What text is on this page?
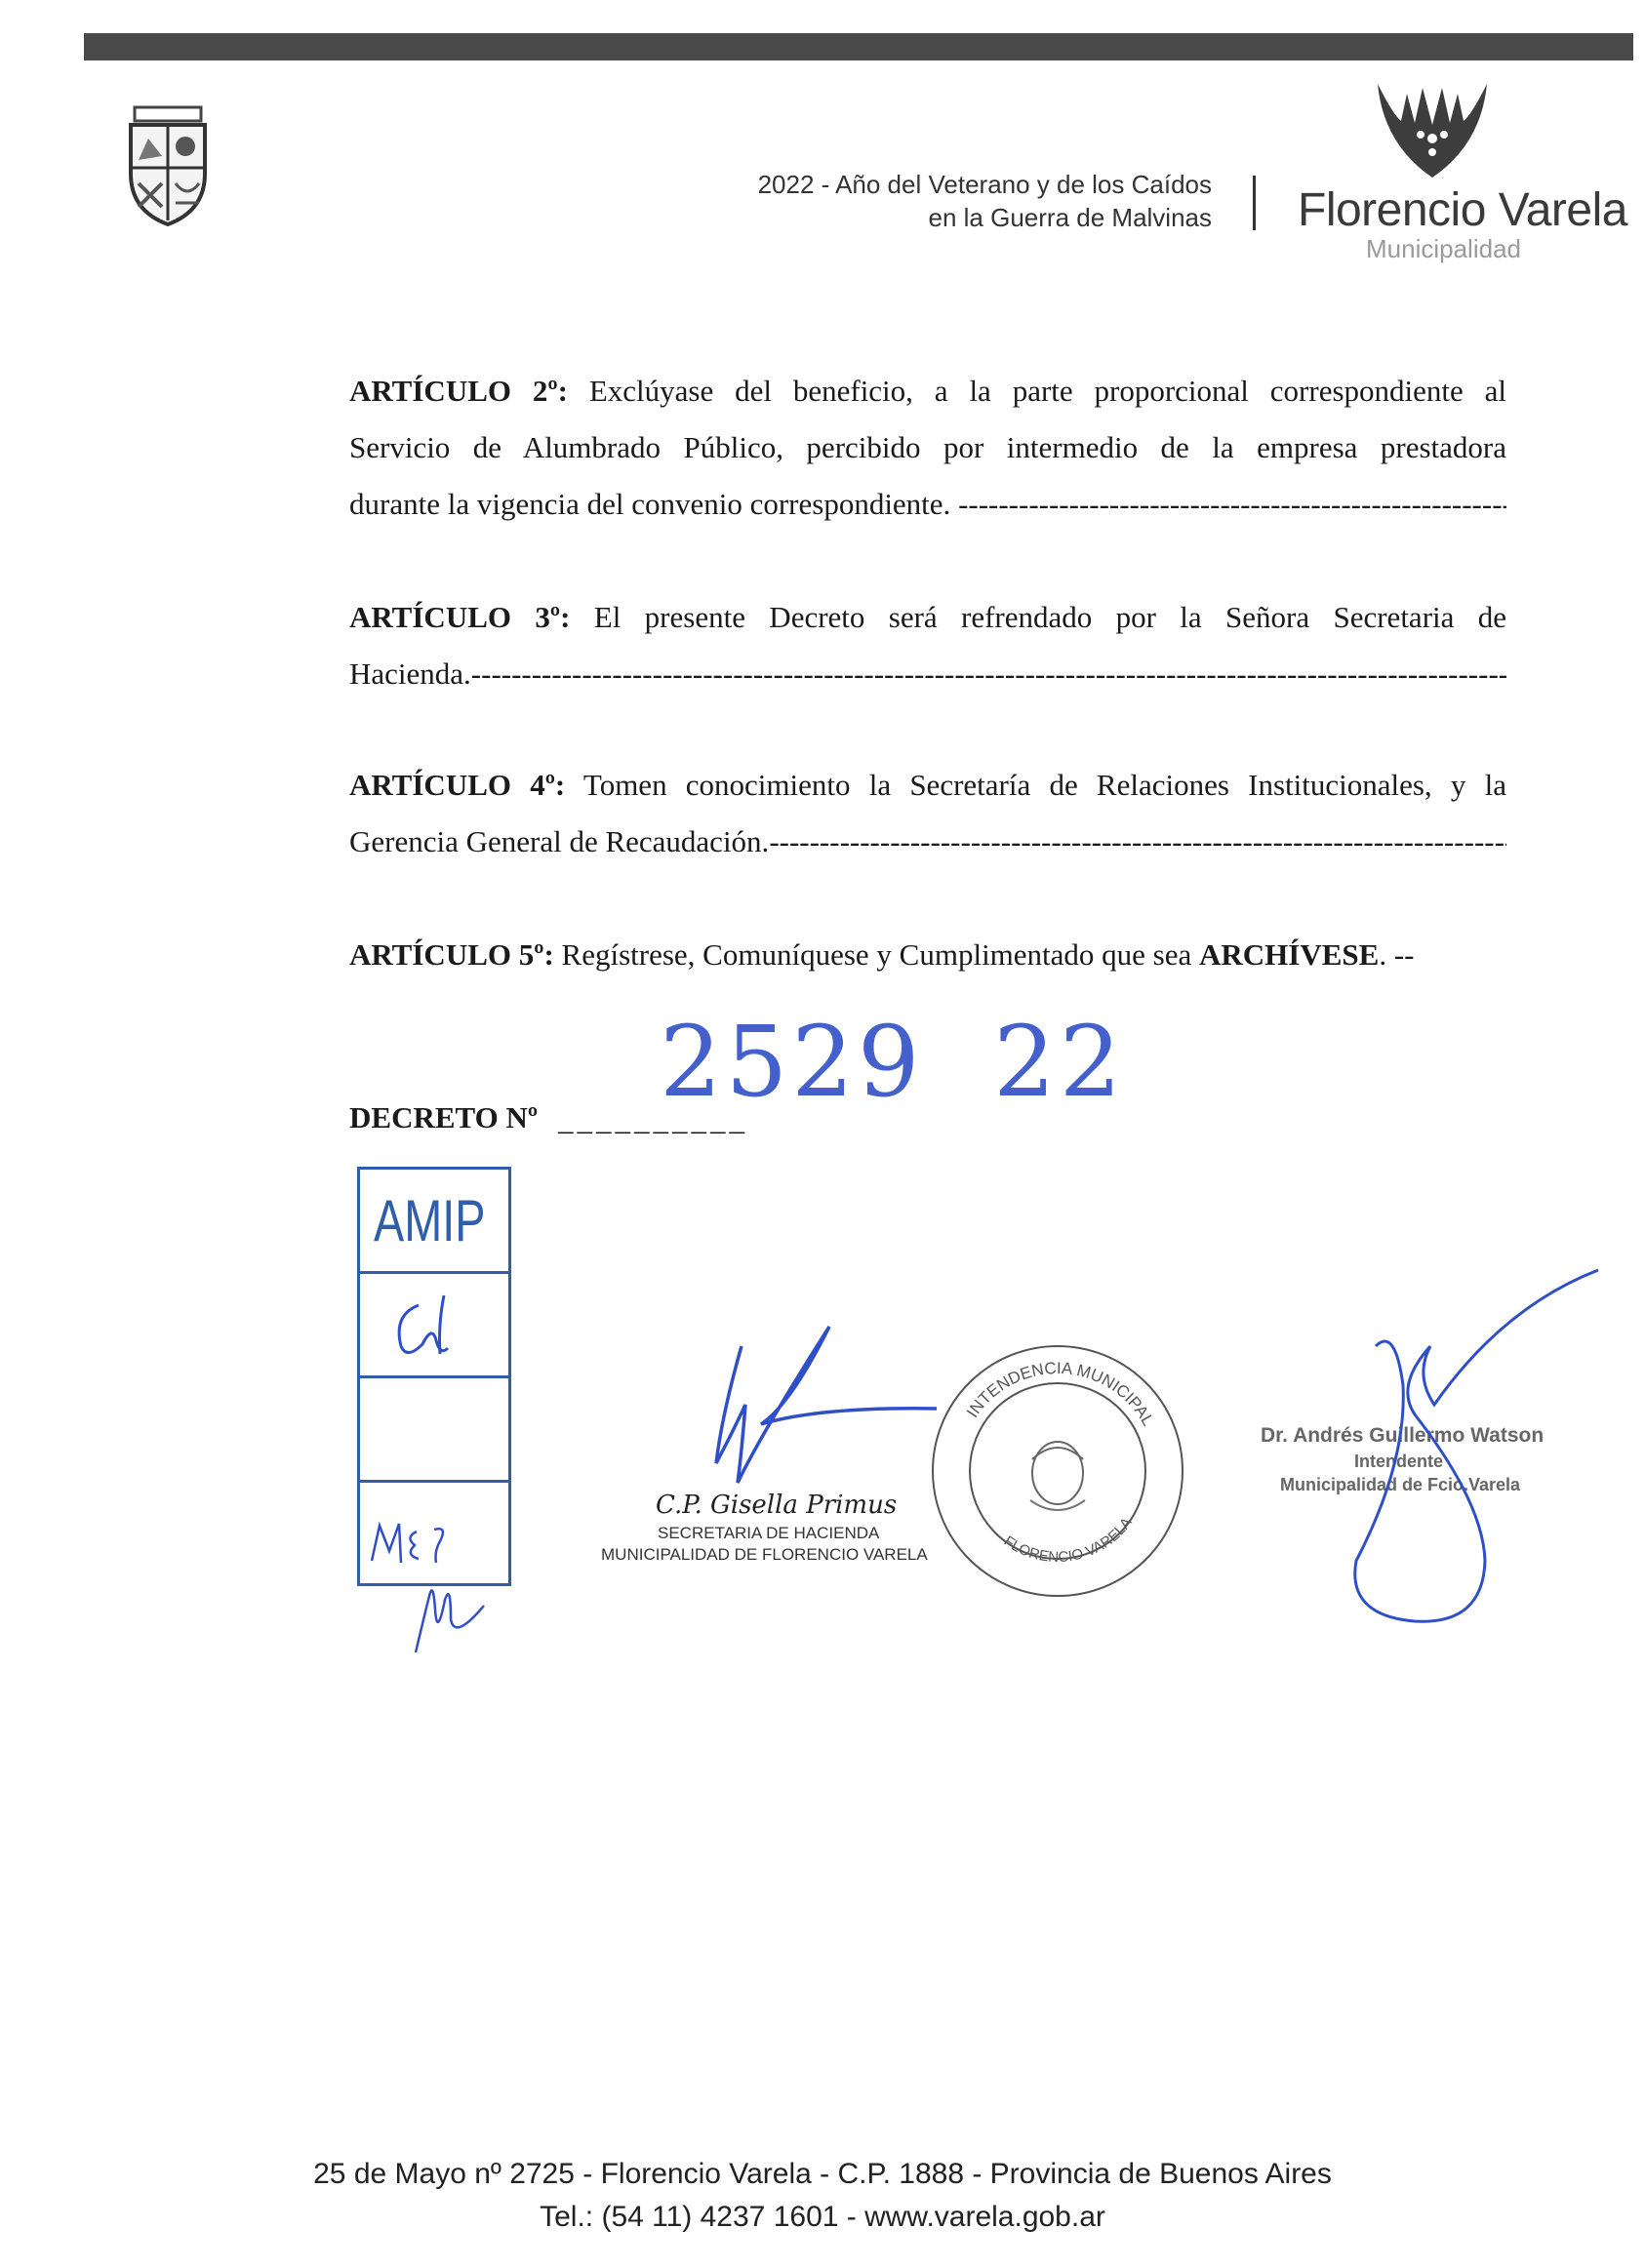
2022 - Año del Veterano y de los Caídos
en la Guerra de Malvinas Florencio Varela
Municipalidad
ARTÍCULO 2º: Exclúyase del beneficio, a la parte proporcional correspondiente al
Servicio de Alumbrado Público, percibido por intermedio de la empresa prestadora
durante la vigencia del convenio correspondiente. -----
ARTÍCULO 3º: El presente Decreto será refrendado por la Señora Secretaria de
Hacienda. -----
ARTÍCULO 4º: Tomen conocimiento la Secretaría de Relaciones Institucionales, y la
Gerencia General de Recaudación. -----
ARTÍCULO 5º: Regístrese, Comuníquese y Cumplimentado que sea ARCHÍVESE. --
DECRETO Nº __________
2529 22
AMIP
C.P. Gisella Primus
SECRETARIA DE HACIENDA
MUNICIPALIDAD DE FLORENCIO VARELA
INTENDENCIA MUNICIPAL
FLORENCIO VARELA
Dr. Andrés Guillermo Watson
Intendente
Municipalidad de Fcio.Varela
25 de Mayo nº 2725 - Florencio Varela - C.P. 1888 - Provincia de Buenos Aires
Tel.: (54 11) 4237 1601 - www.varela.gob.ar
